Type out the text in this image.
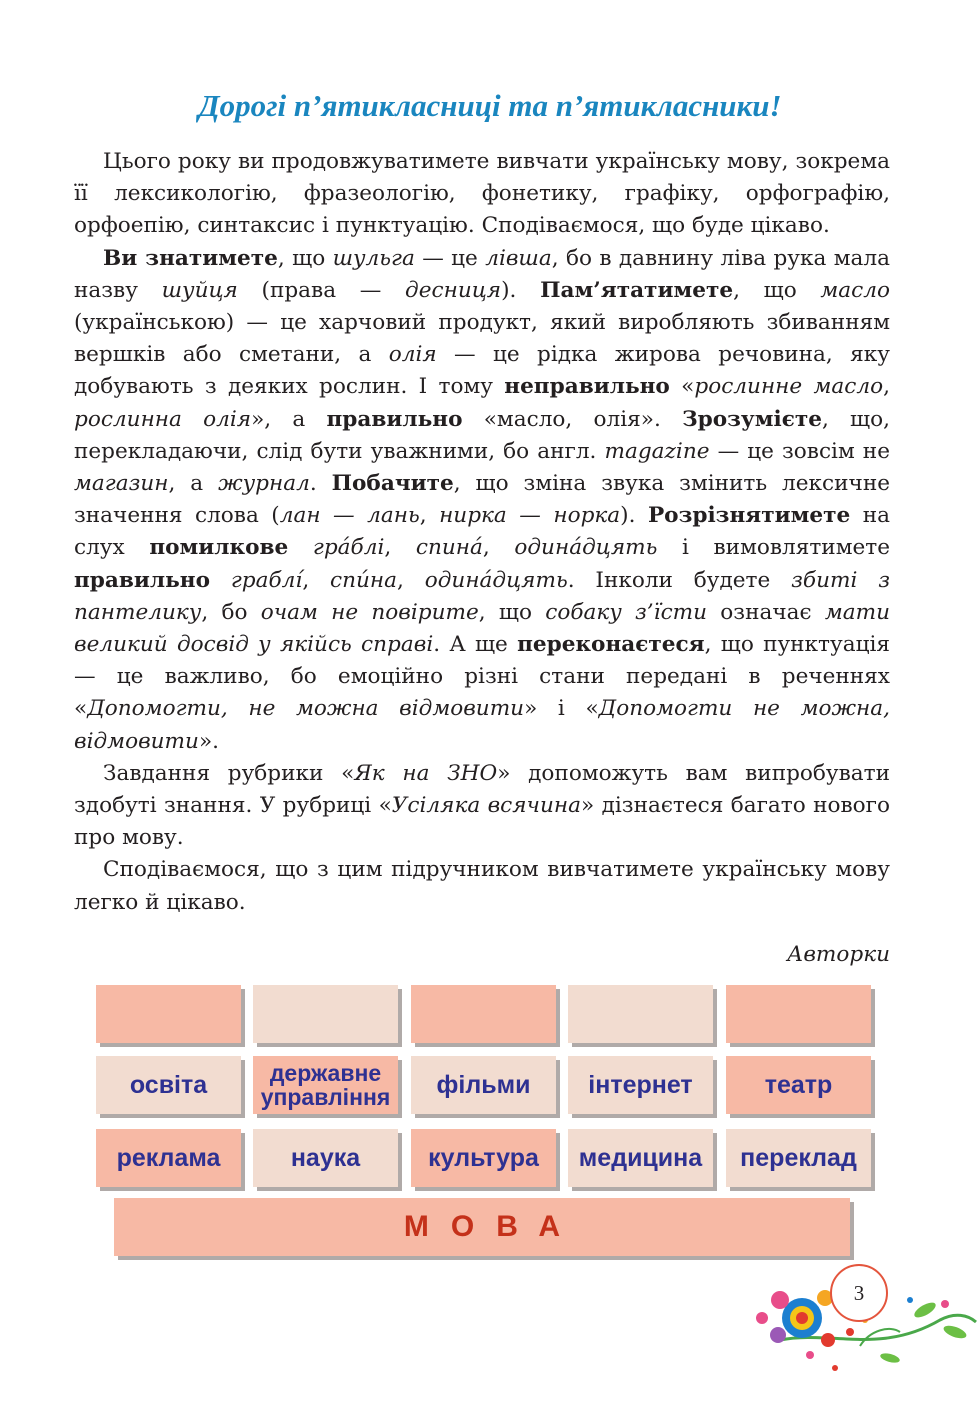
Дорогі п’ятикласниці та п’ятикласники!

Цього року ви продовжуватимете вивчати українську мову, зокрема її лексикологію, фразеологію, фонетику, графіку, орфографію, орфоепію, синтаксис і пунктуацію. Сподіваємося, що буде цікаво.

Ви знатимете, що шульга — це лівша, бо в давнину ліва рука мала назву шуйця (права — десниця). Пам’ятатимете, що масло (українською) — це харчовий продукт, який виробляють збиванням вершків або сметани, а олія — це рідка жирова речовина, яку добувають з деяких рослин. І тому неправильно «рослинне масло, рослинна олія», а правильно «масло, олія». Зрозумієте, що, перекладаючи, слід бути уважними, бо англ. magazine — це зовсім не магазин, а журнал. Побачите, що зміна звука змінить лексичне значення слова (лан — лань, нирка — норка). Розрізнятимете на слух помилкове гра́блі, спина́, одина́дцять і вимовлятимете правильно граблі́, спи́на, одина́дцять. Інколи будете збиті з пантелику, бо очам не повірите, що собаку з’їсти означає мати великий досвід у якійсь справі. А ще переконаєтеся, що пунктуація — це важливо, бо емоційно різні стани передані в реченнях «Допомогти, не можна відмовити» і «Допомогти не можна, відмовити».

Завдання рубрики «Як на ЗНО» допоможуть вам випробувати здобуті знання. У рубриці «Усіляка всячина» дізнаєтеся багато нового про мову.

Сподіваємося, що з цим підручником вивчатимете українську мову легко й цікаво.

Авторки
освіта	державне управління	фільми	інтернет	театр
реклама	наука	культура	медицина	переклад
МОВА
3
